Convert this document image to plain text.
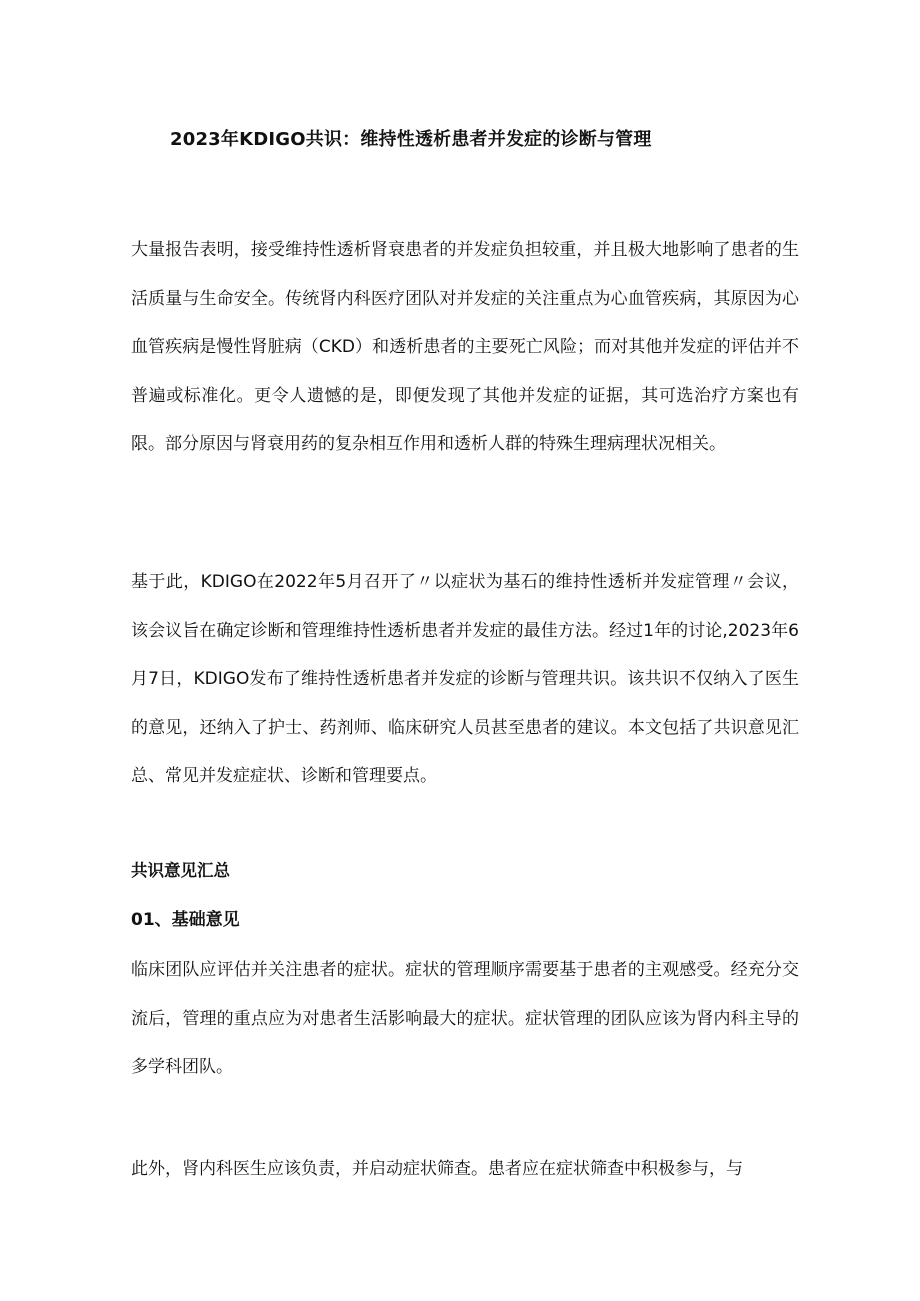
2023年KDIGO共识：维持性透析患者并发症的诊断与管理

大量报告表明，接受维持性透析肾衰患者的并发症负担较重，并且极大地影响了患者的生活质量与生命安全。传统肾内科医疗团队对并发症的关注重点为心血管疾病，其原因为心血管疾病是慢性肾脏病（CKD）和透析患者的主要死亡风险；而对其他并发症的评估并不普遍或标准化。更令人遗憾的是，即便发现了其他并发症的证据，其可选治疗方案也有限。部分原因与肾衰用药的复杂相互作用和透析人群的特殊生理病理状况相关。

基于此，KDIGO在2022年5月召开了〃以症状为基石的维持性透析并发症管理〃会议，该会议旨在确定诊断和管理维持性透析患者并发症的最佳方法。经过1年的讨论,2023年6月7日，KDIGO发布了维持性透析患者并发症的诊断与管理共识。该共识不仅纳入了医生的意见，还纳入了护士、药剂师、临床研究人员甚至患者的建议。本文包括了共识意见汇总、常见并发症症状、诊断和管理要点。

共识意见汇总
01、基础意见

临床团队应评估并关注患者的症状。症状的管理顺序需要基于患者的主观感受。经充分交流后，管理的重点应为对患者生活影响最大的症状。症状管理的团队应该为肾内科主导的多学科团队。

此外，肾内科医生应该负责，并启动症状筛查。患者应在症状筛查中积极参与，与
